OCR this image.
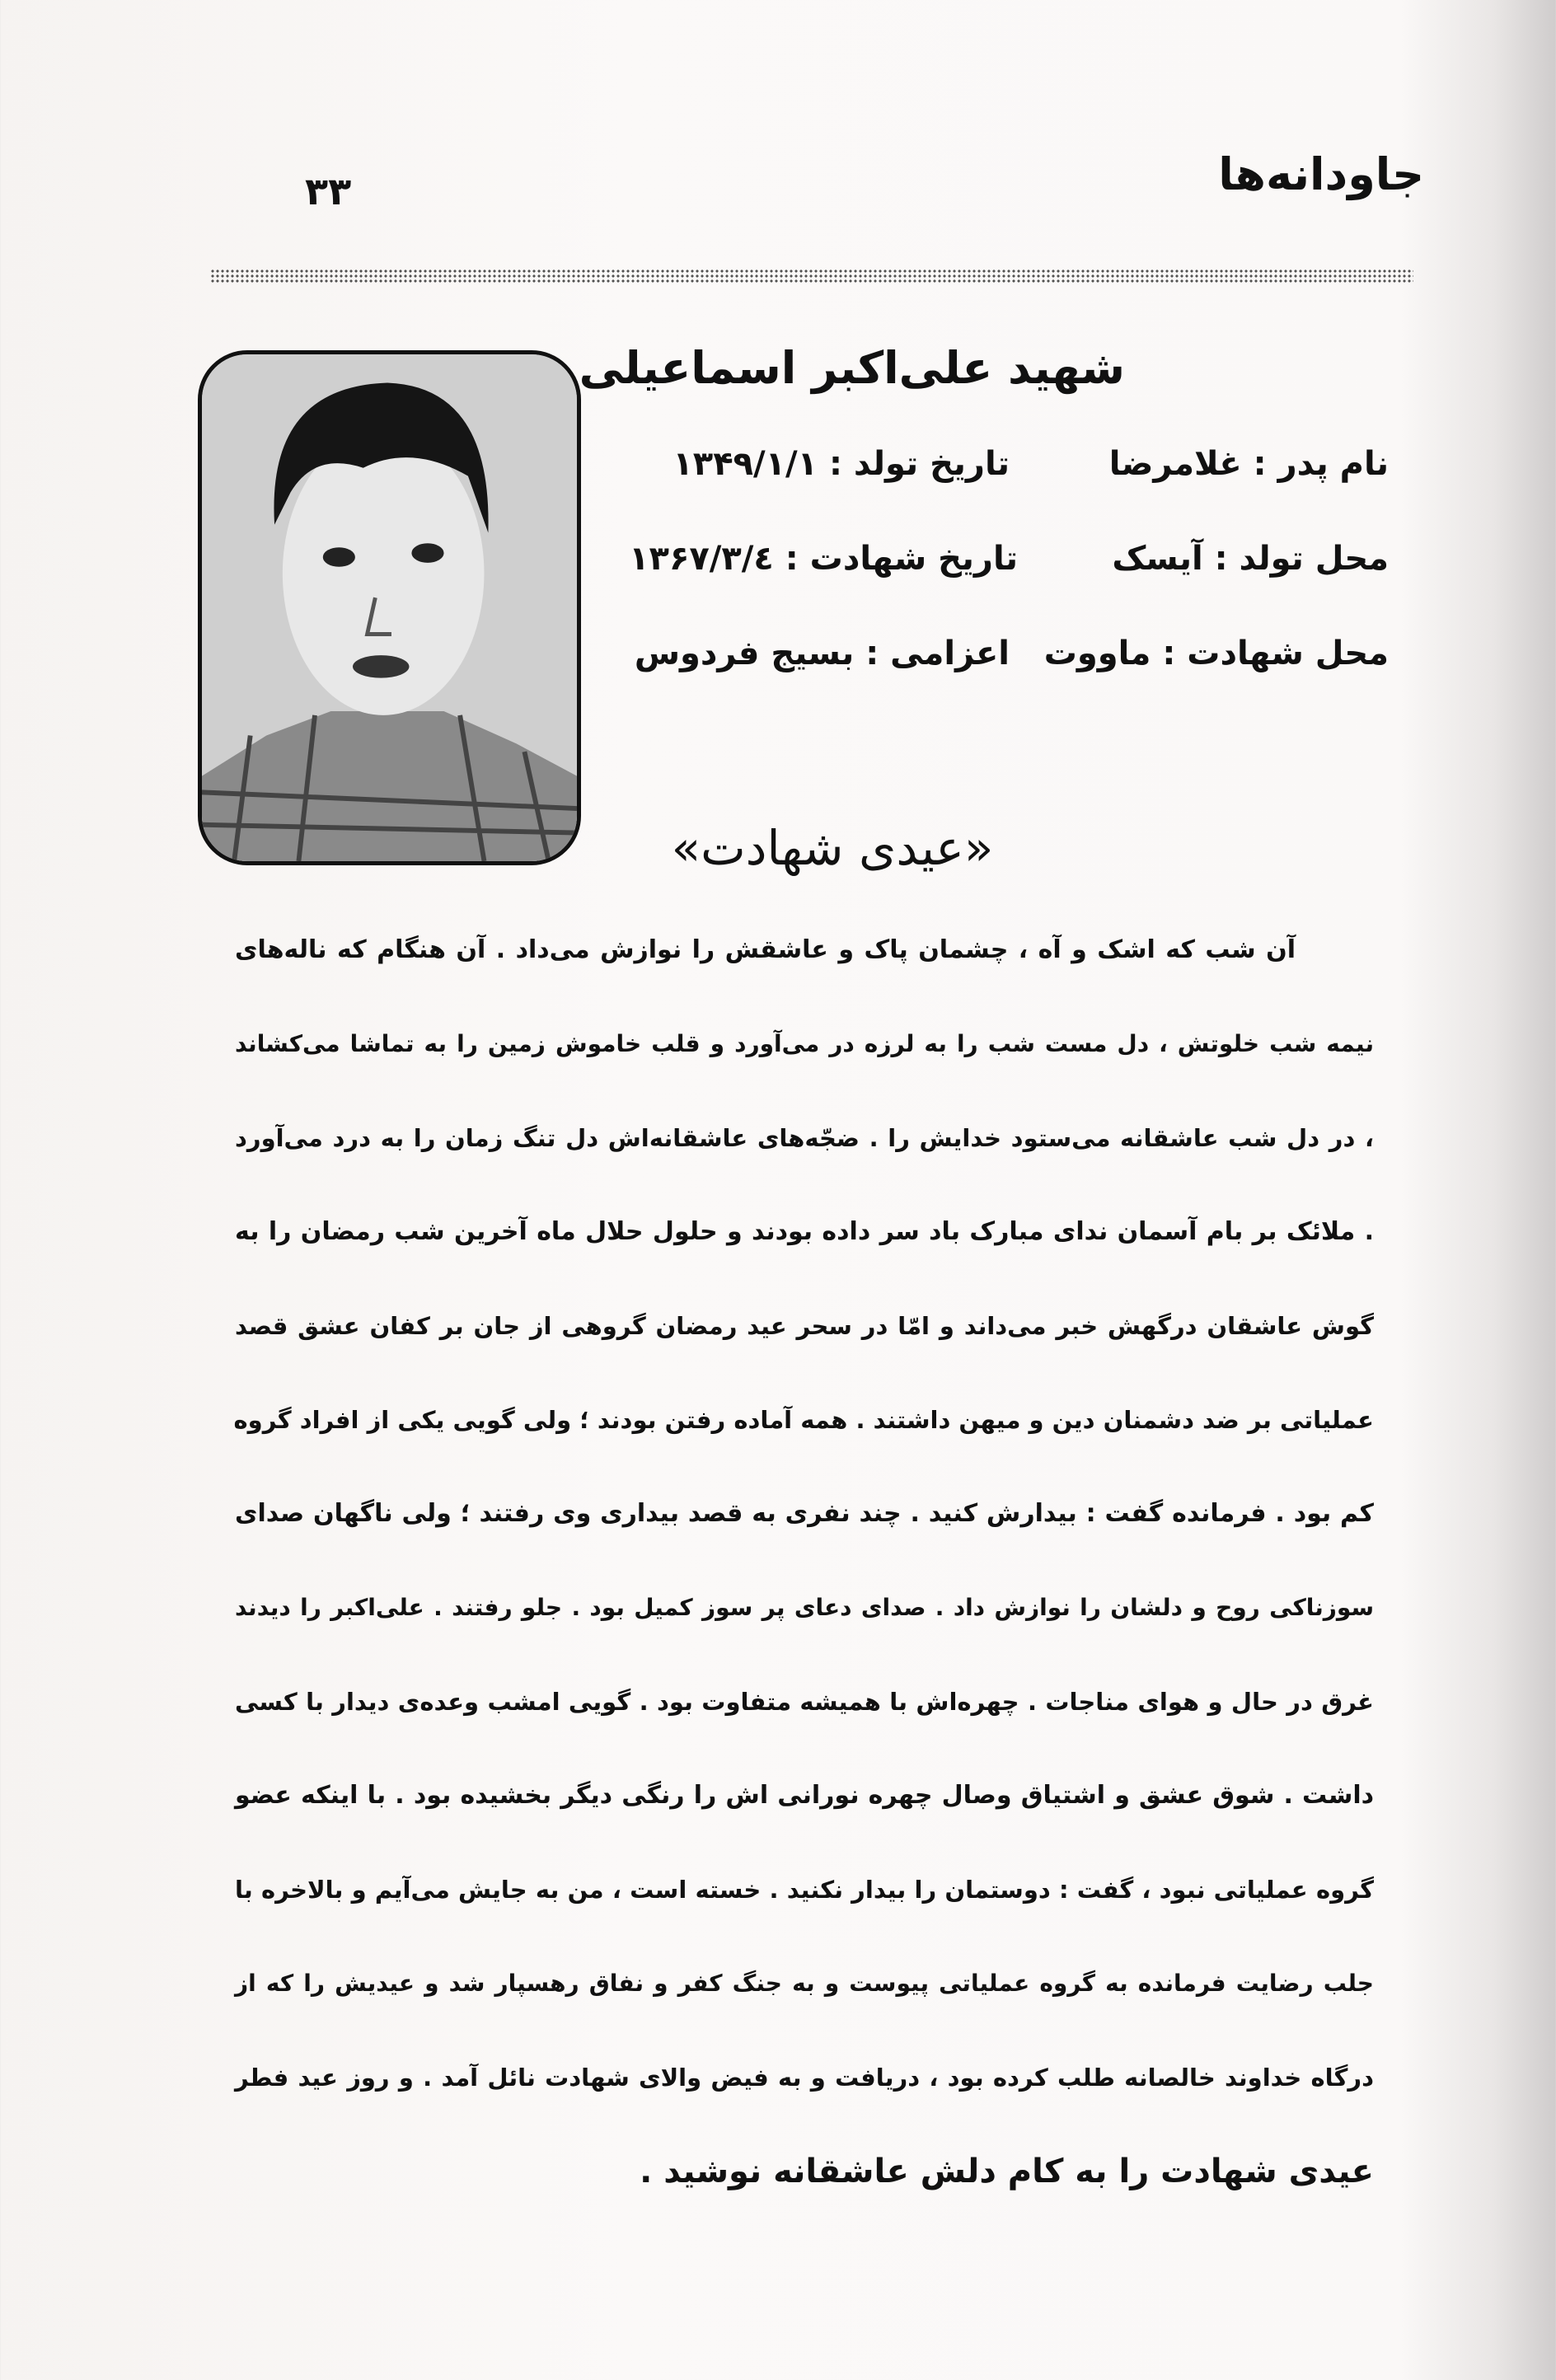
جاودانه‌ها
۳۳
شهید علی‌اکبر اسماعیلی
نام پدر : غلامرضا
تاریخ تولد : ۱۳۴۹/۱/۱
محل تولد : آیسک
تاریخ شهادت : ۱۳۶۷/۳/٤
محل شهادت : ماووت
اعزامی : بسیج فردوس
«عیدی شهادت»
آن شب که اشک و آه ، چشمان پاک و عاشقش را نوازش می‌داد . آن هنگام که ناله‌های
نیمه شب خلوتش ، دل مست شب را به لرزه در می‌آورد و قلب خاموش زمین را به تماشا می‌کشاند
، در دل شب عاشقانه می‌ستود خدایش را . ضجّه‌های عاشقانه‌اش دل تنگ زمان را به درد می‌آورد
. ملائک بر بام آسمان ندای مبارک باد سر داده بودند و حلول حلال ماه آخرین شب رمضان را به
گوش عاشقان درگهش خبر می‌داند و امّا در سحر عید رمضان گروهی از جان بر کفان عشق قصد
عملیاتی بر ضد دشمنان دین و میهن داشتند . همه آماده رفتن بودند ؛ ولی گویی یکی از افراد گروه
کم بود . فرمانده گفت : بیدارش کنید . چند نفری به قصد بیداری وی رفتند ؛ ولی ناگهان صدای
سوزناکی روح و دلشان را نوازش داد . صدای دعای پر سوز کمیل بود . جلو رفتند . علی‌اکبر را دیدند
غرق در حال و هوای مناجات . چهره‌اش با همیشه متفاوت بود . گویی امشب وعده‌ی دیدار با کسی
داشت . شوق عشق و اشتیاق وصال چهره نورانی اش را رنگی دیگر بخشیده بود . با اینکه عضو
گروه عملیاتی نبود ، گفت : دوستمان را بیدار نکنید . خسته است ، من به جایش می‌آیم و بالاخره با
جلب رضایت فرمانده به گروه عملیاتی پیوست و به جنگ کفر و نفاق رهسپار شد و عیدیش را که از
درگاه خداوند خالصانه طلب کرده بود ، دریافت و به فیض والای شهادت نائل آمد . و روز عید فطر
عیدی شهادت را به کام دلش عاشقانه نوشید .
